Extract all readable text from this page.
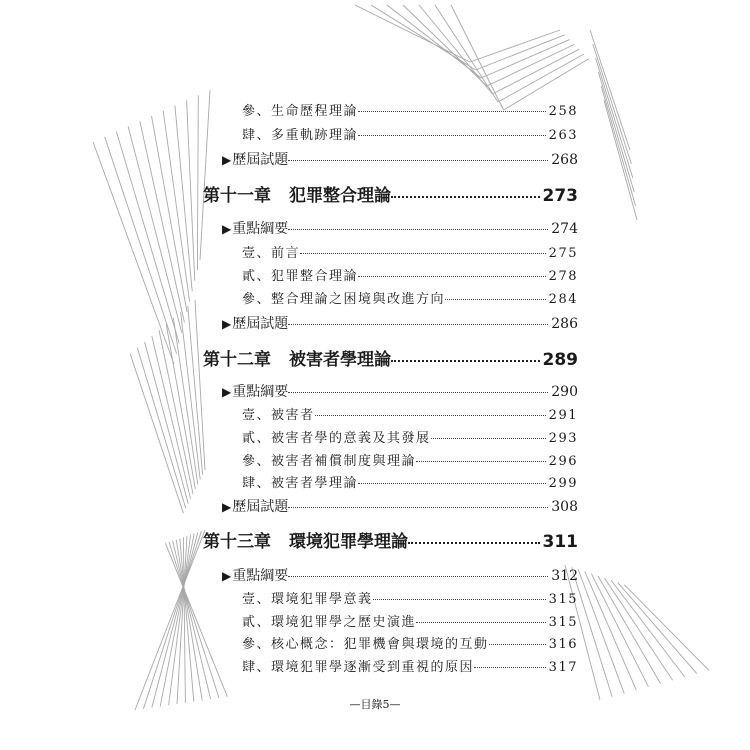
參、生命歷程理論	258
肆、多重軌跡理論	263
▶ 歷屆試題	268
第十一章 犯罪整合理論	273
▶ 重點綱要	274
壹、前言	275
貳、犯罪整合理論	278
參、整合理論之困境與改進方向	284
▶ 歷屆試題	286
第十二章 被害者學理論	289
▶ 重點綱要	290
壹、被害者	291
貳、被害者學的意義及其發展	293
參、被害者補償制度與理論	296
肆、被害者學理論	299
▶ 歷屆試題	308
第十三章 環境犯罪學理論	311
▶ 重點綱要	312
壹、環境犯罪學意義	315
貳、環境犯罪學之歷史演進	315
參、核心概念：犯罪機會與環境的互動	316
肆、環境犯罪學逐漸受到重視的原因	317
—目錄5—
